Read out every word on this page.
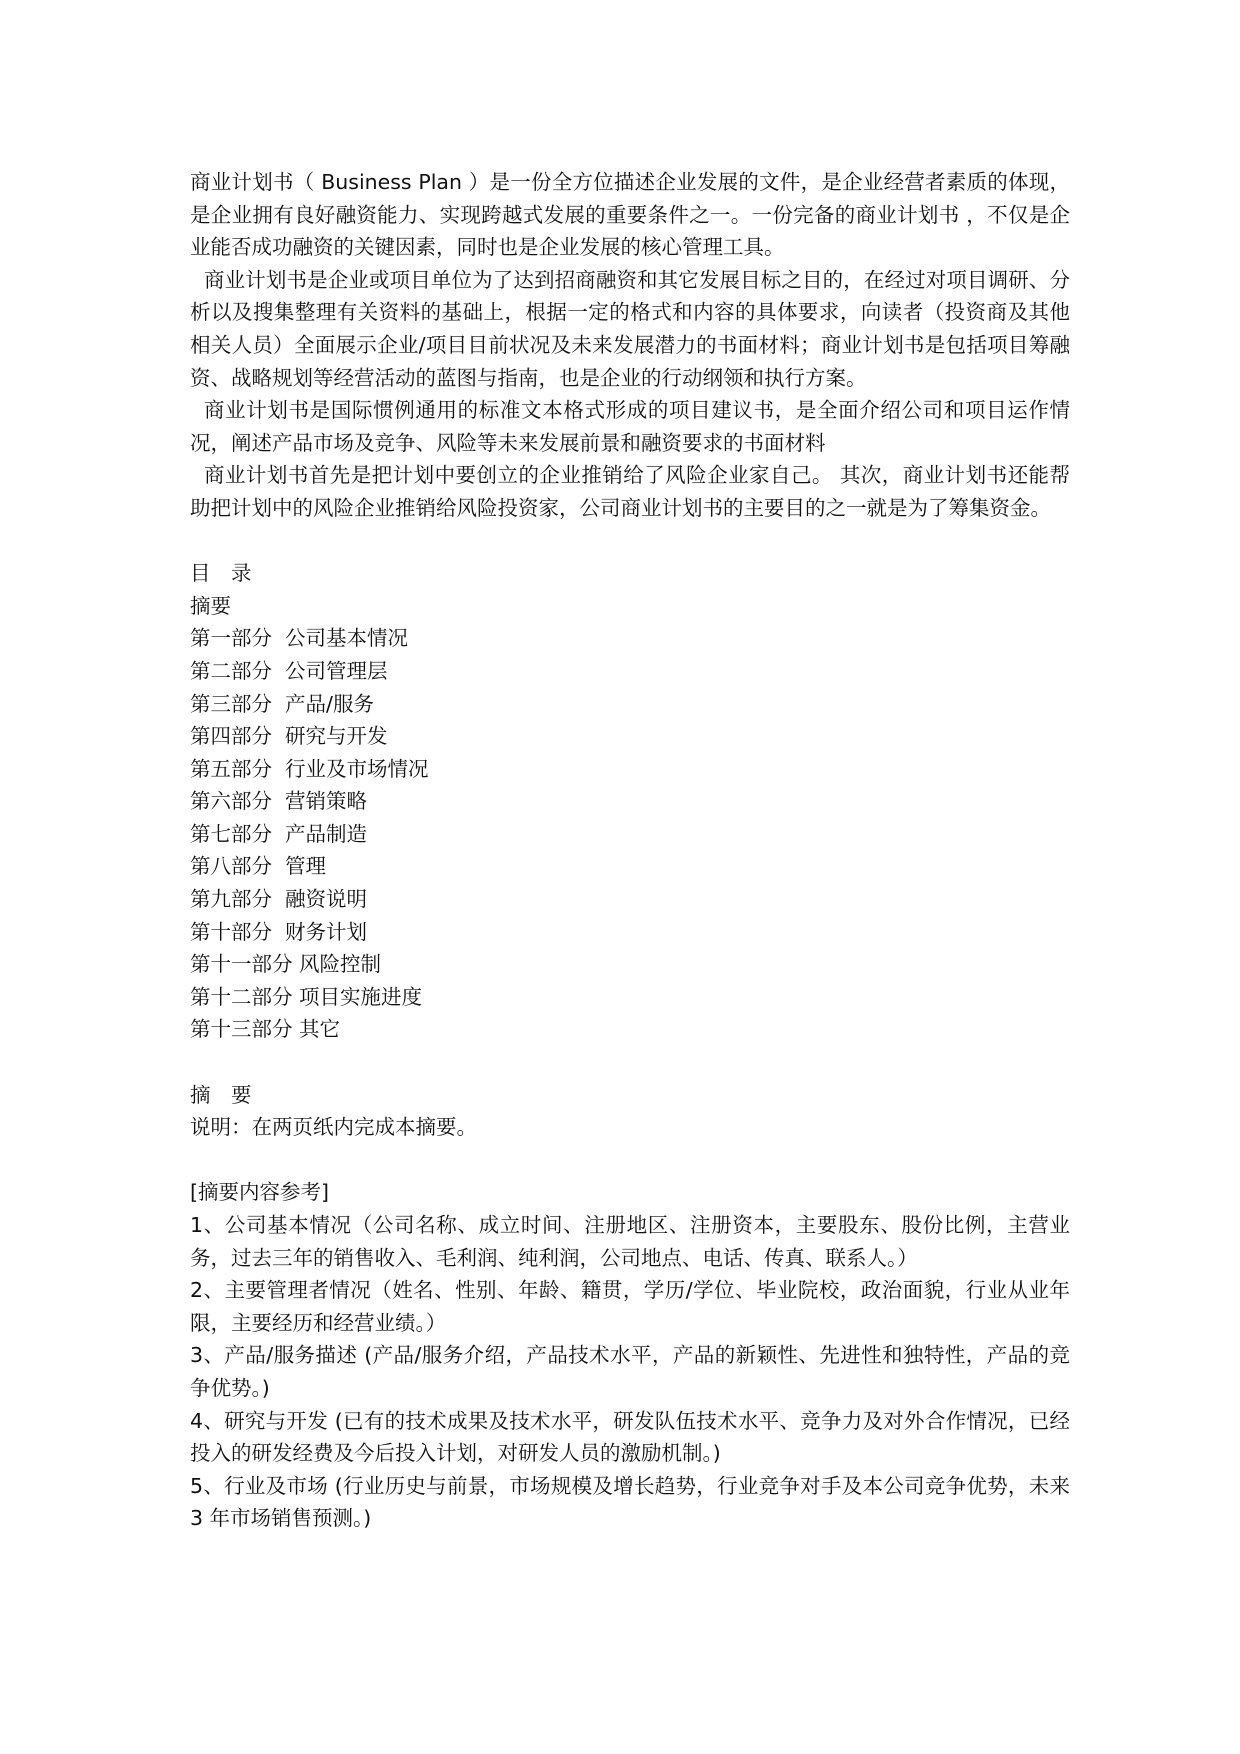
商业计划书（ Business Plan ）是一份全方位描述企业发展的文件，是企业经营者素质的体现，是企业拥有良好融资能力、实现跨越式发展的重要条件之一。一份完备的商业计划书 ，不仅是企业能否成功融资的关键因素，同时也是企业发展的核心管理工具。

商业计划书是企业或项目单位为了达到招商融资和其它发展目标之目的，在经过对项目调研、分析以及搜集整理有关资料的基础上，根据一定的格式和内容的具体要求，向读者（投资商及其他相关人员）全面展示企业/项目目前状况及未来发展潜力的书面材料；商业计划书是包括项目筹融资、战略规划等经营活动的蓝图与指南，也是企业的行动纲领和执行方案。

商业计划书是国际惯例通用的标准文本格式形成的项目建议书，是全面介绍公司和项目运作情况，阐述产品市场及竞争、风险等未来发展前景和融资要求的书面材料

商业计划书首先是把计划中要创立的企业推销给了风险企业家自己。 其次，商业计划书还能帮助把计划中的风险企业推销给风险投资家，公司商业计划书的主要目的之一就是为了筹集资金。

目　录

摘要

第一部分  公司基本情况

第二部分  公司管理层

第三部分  产品/服务

第四部分  研究与开发

第五部分  行业及市场情况

第六部分  营销策略

第七部分  产品制造

第八部分  管理

第九部分  融资说明

第十部分  财务计划

第十一部分 风险控制

第十二部分 项目实施进度

第十三部分 其它

摘　要

说明：在两页纸内完成本摘要。

[摘要内容参考]

1、公司基本情况（公司名称、成立时间、注册地区、注册资本，主要股东、股份比例，主营业务，过去三年的销售收入、毛利润、纯利润，公司地点、电话、传真、联系人。）

2、主要管理者情况（姓名、性别、年龄、籍贯，学历/学位、毕业院校，政治面貌，行业从业年限，主要经历和经营业绩。）

3、产品/服务描述 (产品/服务介绍，产品技术水平，产品的新颖性、先进性和独特性，产品的竞争优势。)

4、研究与开发 (已有的技术成果及技术水平，研发队伍技术水平、竞争力及对外合作情况，已经投入的研发经费及今后投入计划，对研发人员的激励机制。)

5、行业及市场 (行业历史与前景，市场规模及增长趋势，行业竞争对手及本公司竞争优势，未来 3 年市场销售预测。)
